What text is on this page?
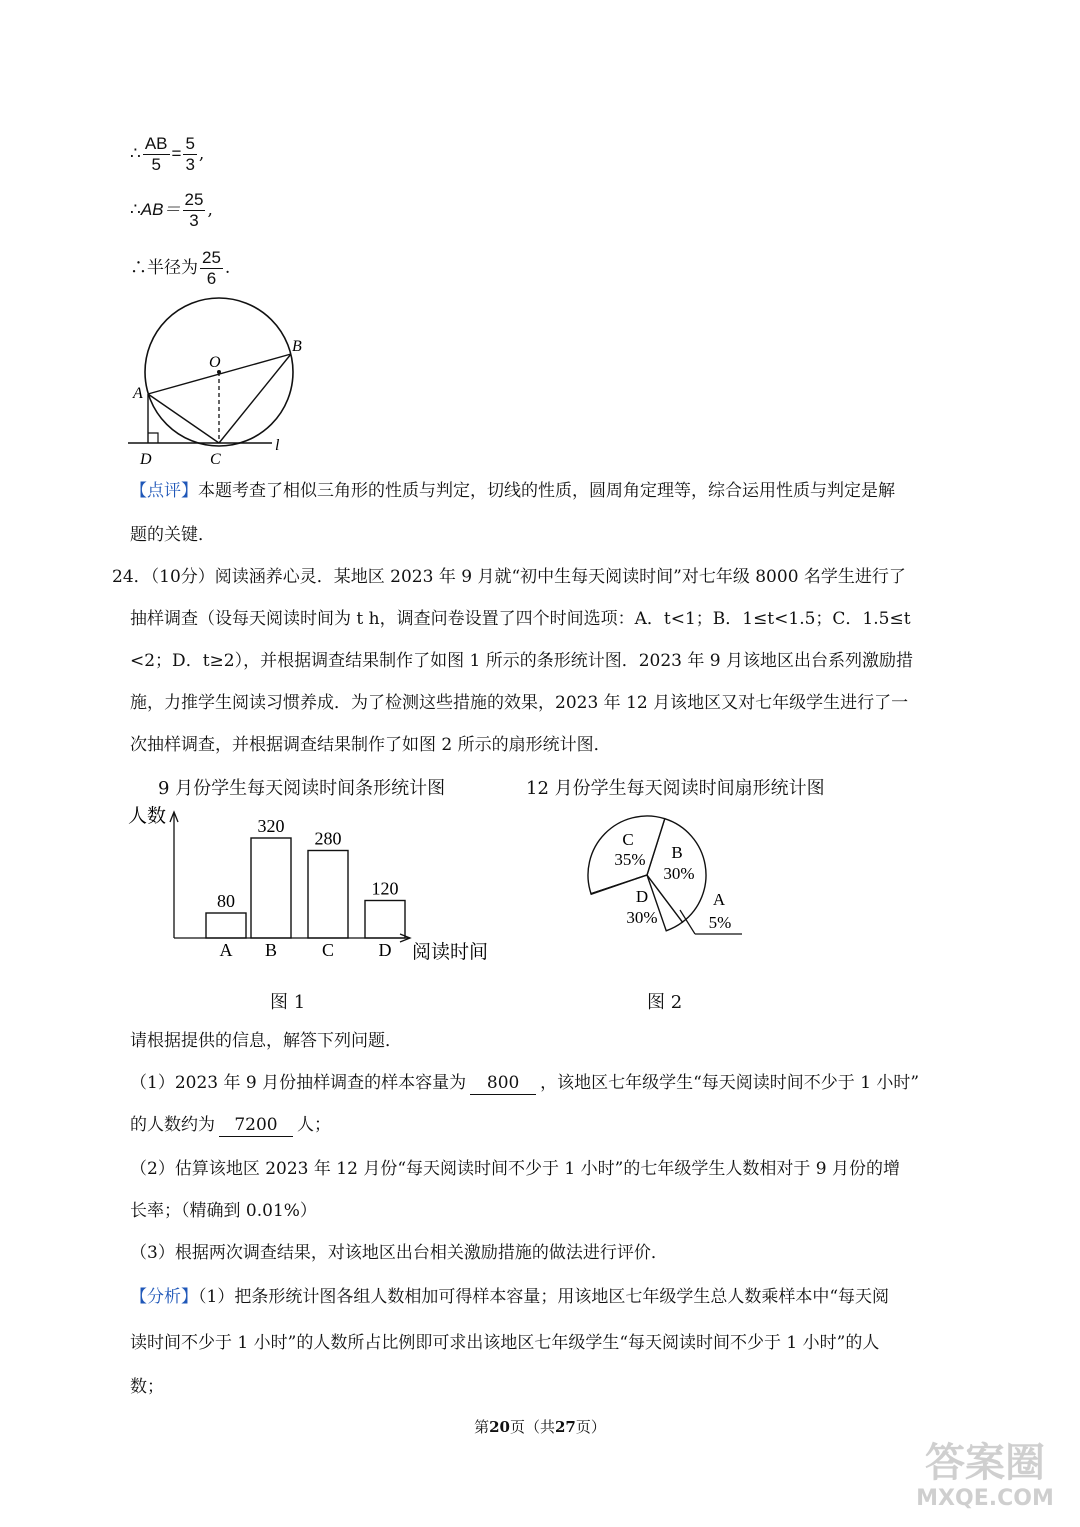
∴ $\frac{AB}{5} = \frac{5}{3}$ ,
∴AB＝ $\frac{25}{3}$ ,
∴半径为 $\frac{25}{6}$ .
O
A
B
C
D
l
【点评】本题考查了相似三角形的性质与判定，切线的性质，圆周角定理等，综合运用性质与判定是解
题的关键．
24．（10分）阅读涵养心灵．某地区 2023 年 9 月就“初中生每天阅读时间”对七年级 8000 名学生进行了
抽样调查（设每天阅读时间为 t h，调查问卷设置了四个时间选项：A．t<1；B．1≤t<1.5；C．1.5≤t
<2；D．t≥2），并根据调查结果制作了如图 1 所示的条形统计图．2023 年 9 月该地区出台系列激励措
施，力推学生阅读习惯养成．为了检测这些措施的效果，2023 年 12 月该地区又对七年级学生进行了一
次抽样调查，并根据调查结果制作了如图 2 所示的扇形统计图．
9 月份学生每天阅读时间条形统计图	12 月份学生每天阅读时间扇形统计图
人数
80
A
320
B
280
C
120
D 阅读时间
A
5%
B
30%
C
35%
D
30%
图 1	图 2
请根据提供的信息，解答下列问题．
（1）2023 年 9 月份抽样调查的样本容量为 800 ，该地区七年级学生“每天阅读时间不少于 1 小时”
的人数约为 7200 人；
（2）估算该地区 2023 年 12 月份“每天阅读时间不少于 1 小时”的七年级学生人数相对于 9 月份的增
长率；（精确到 0.01%）
（3）根据两次调查结果，对该地区出台相关激励措施的做法进行评价．
【分析】（1）把条形统计图各组人数相加可得样本容量；用该地区七年级学生总人数乘样本中“每天阅
读时间不少于 1 小时”的人数所占比例即可求出该地区七年级学生“每天阅读时间不少于 1 小时”的人
数；
第20页（共27页）
答案圈
MXQE.COM
